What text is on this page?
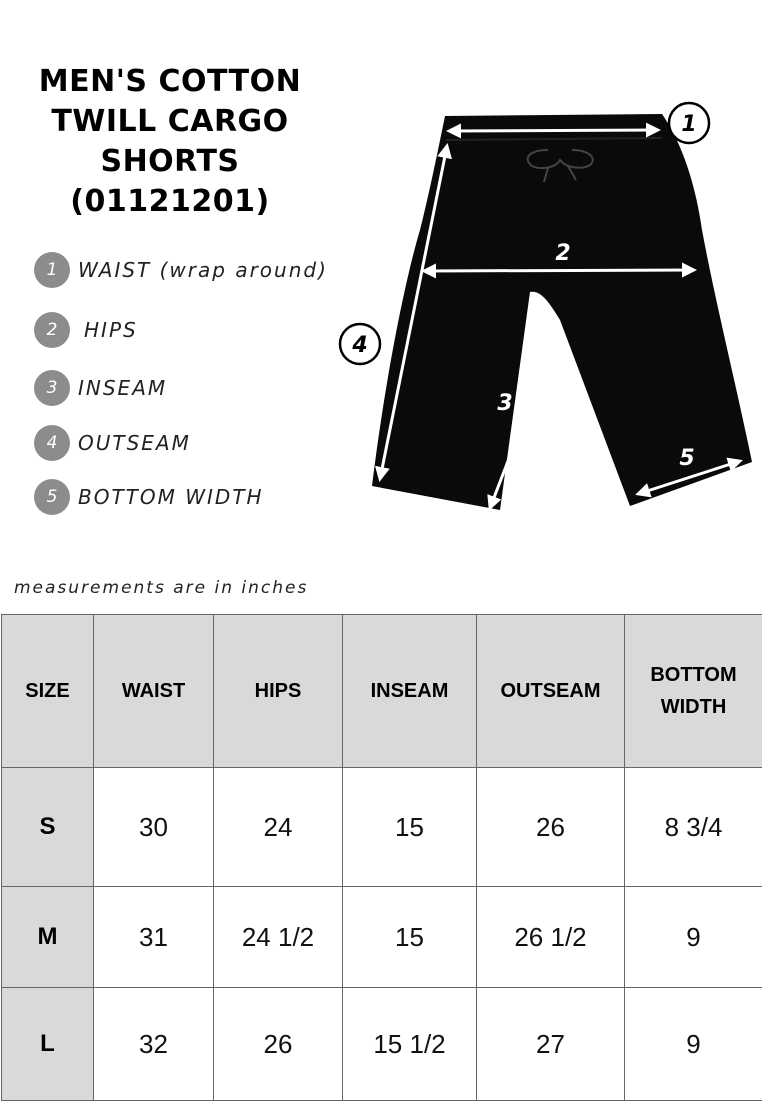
MEN'S COTTON
TWILL CARGO
SHORTS (01121201)
1	WAIST (wrap around)
2	HIPS
3	INSEAM
4	OUTSEAM
5	BOTTOM WIDTH
1
4
2
3
5
measurements are in inches
SIZE	WAIST	HIPS	INSEAM	OUTSEAM	BOTTOM WIDTH
S	30	24	15	26	8 3/4
M	31	24 1/2	15	26 1/2	9
L	32	26	15 1/2	27	9
